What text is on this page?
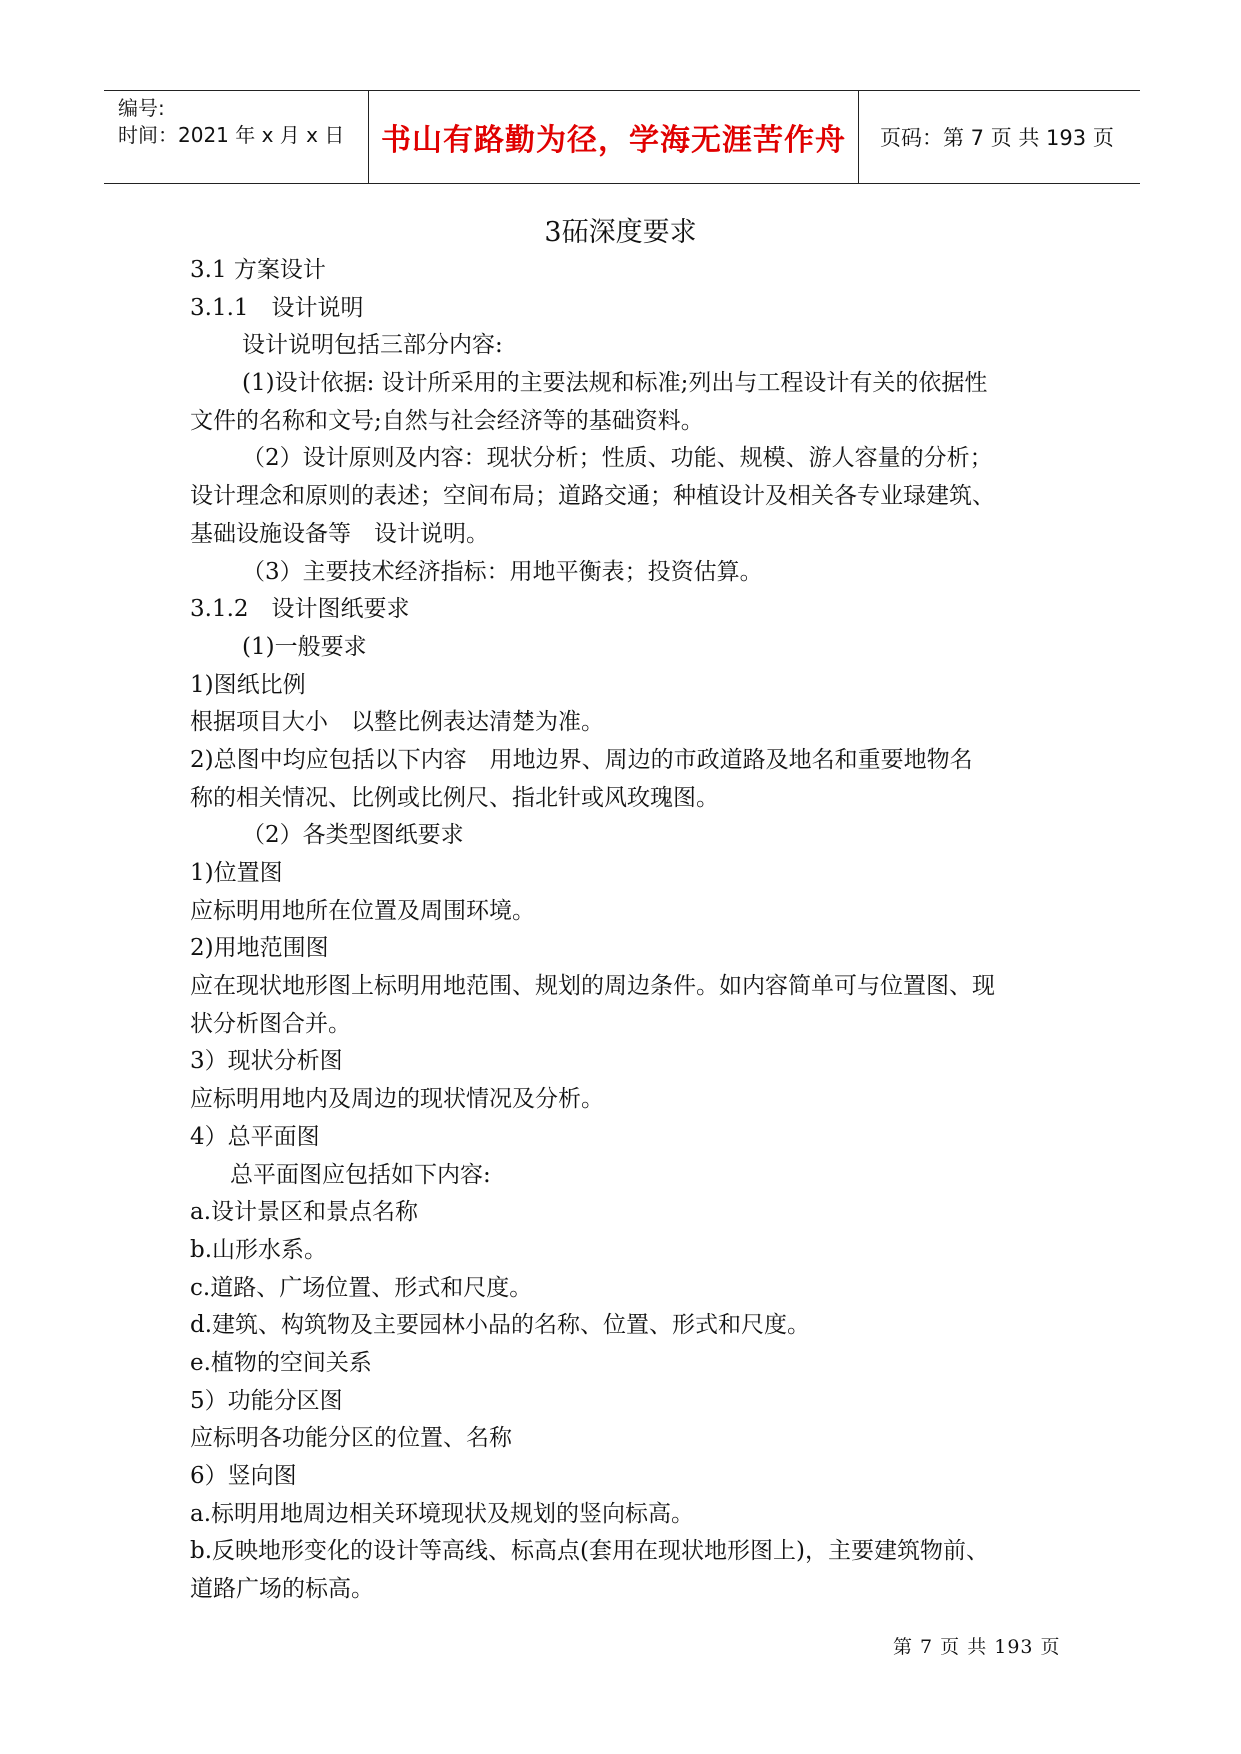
编号:
时间：2021 年 x 月 x 日	书山有路勤为径，学海无涯苦作舟	页码：第 7 页 共 193 页
3砳深度要求
3.1 方案设计
3.1.1　设计说明
设计说明包括三部分内容:
(1)设计依据: 设计所采用的主要法规和标准;列出与工程设计有关的依据性
文件的名称和文号;自然与社会经济等的基础资料。
（2）设计原则及内容：现状分析；性质、功能、规模、游人容量的分析；
设计理念和原则的表述；空间布局；道路交通；种植设计及相关各专业琭建筑、
基础设施设备等　设计说明。
（3）主要技术经济指标：用地平衡表；投资估算。
3.1.2　设计图纸要求
(1)一般要求
1)图纸比例
根据项目大小　以整比例表达清楚为准。
2)总图中均应包括以下内容　用地边界、周边的市政道路及地名和重要地物名
称的相关情况、比例或比例尺、指北针或风玫瑰图。
（2）各类型图纸要求
1)位置图
应标明用地所在位置及周围环境。
2)用地范围图
应在现状地形图上标明用地范围、规划的周边条件。如内容简单可与位置图、现
状分析图合并。
3）现状分析图
应标明用地内及周边的现状情况及分析。
4）总平面图
总平面图应包括如下内容:
a.设计景区和景点名称
b.山形水系。
c.道路、广场位置、形式和尺度。
d.建筑、构筑物及主要园林小品的名称、位置、形式和尺度。
e.植物的空间关系
5）功能分区图
应标明各功能分区的位置、名称
6）竖向图
a.标明用地周边相关环境现状及规划的竖向标高。
b.反映地形变化的设计等高线、标高点(套用在现状地形图上)，主要建筑物前、
道路广场的标高。
第 7 页 共 193 页
